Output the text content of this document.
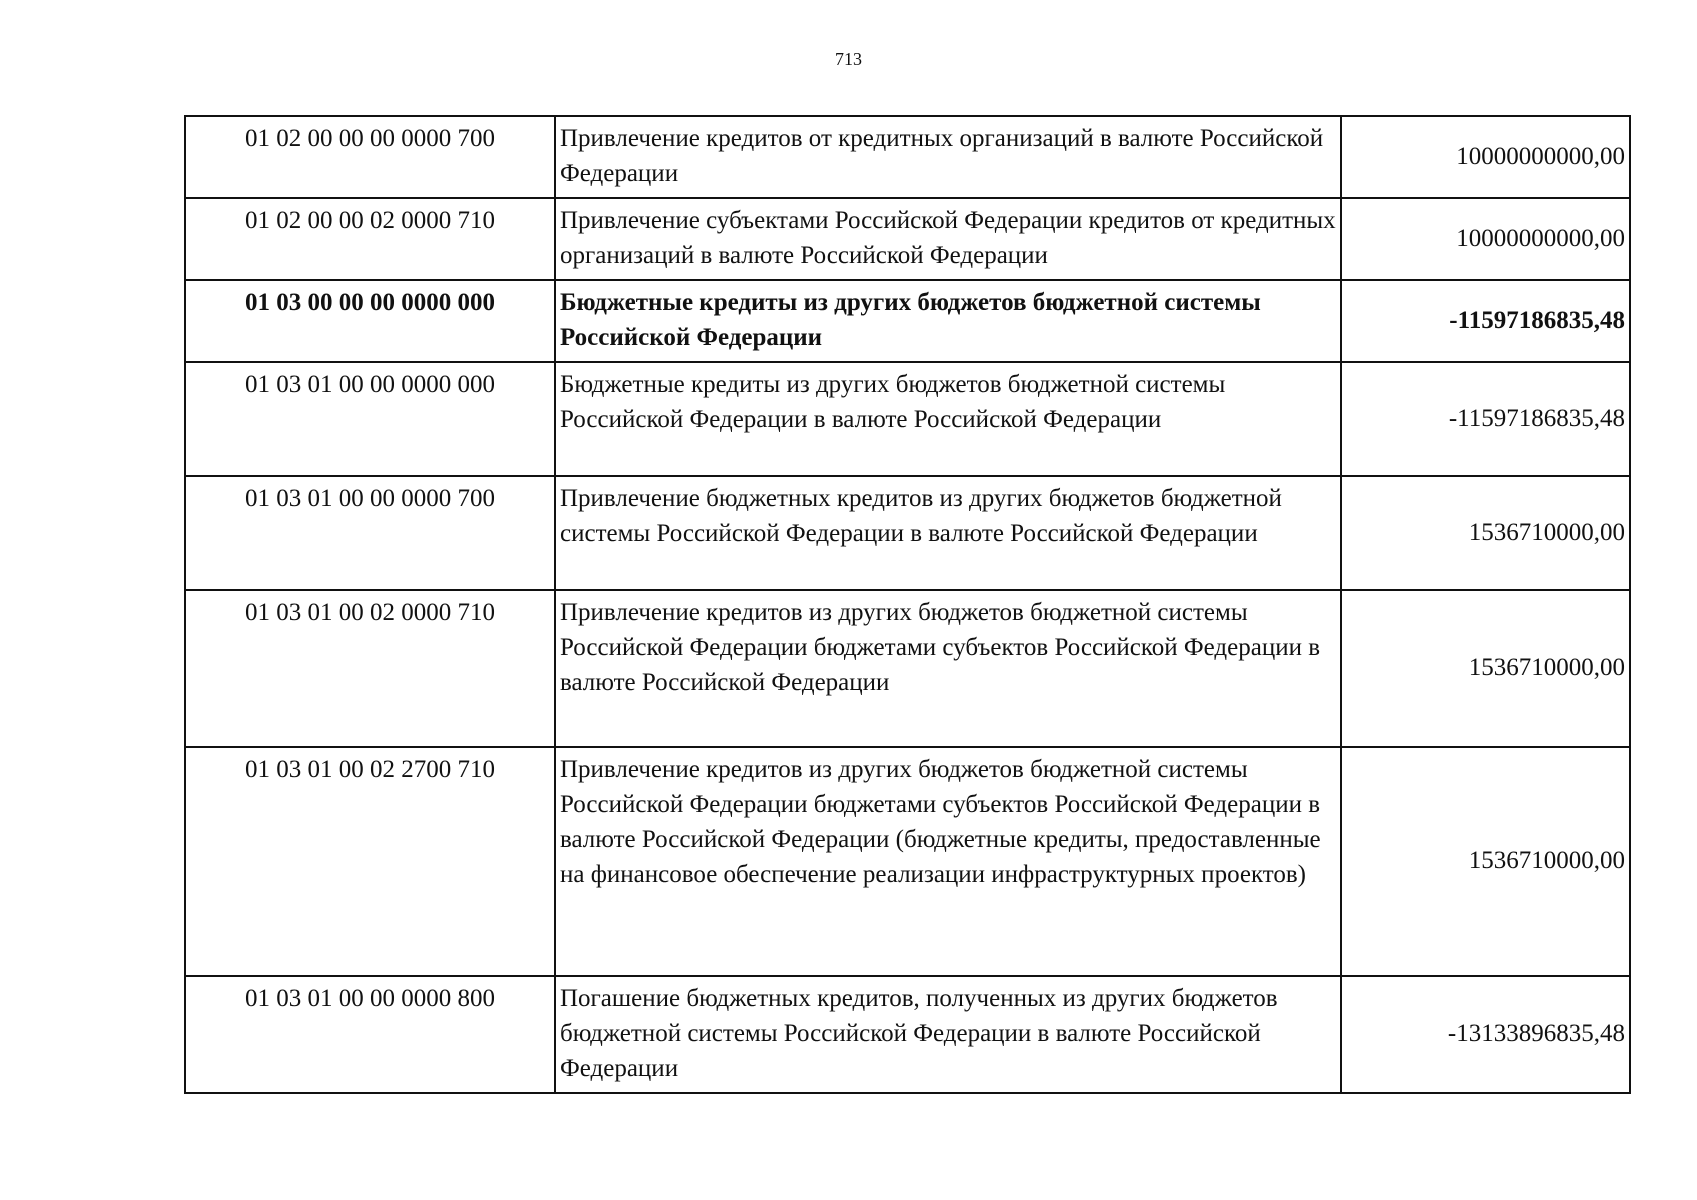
713
01 02 00 00 00 0000 700	Привлечение кредитов от кредитных организаций в валюте Российской Федерации	10000000000,00
01 02 00 00 02 0000 710	Привлечение субъектами Российской Федерации кредитов от кредитных организаций в валюте Российской Федерации	10000000000,00
01 03 00 00 00 0000 000	Бюджетные кредиты из других бюджетов бюджетной системы Российской Федерации	-11597186835,48
01 03 01 00 00 0000 000	Бюджетные кредиты из других бюджетов бюджетной системы Российской Федерации в валюте Российской Федерации	-11597186835,48
01 03 01 00 00 0000 700	Привлечение бюджетных кредитов из других бюджетов бюджетной системы Российской Федерации в валюте Российской Федерации	1536710000,00
01 03 01 00 02 0000 710	Привлечение кредитов из других бюджетов бюджетной системы Российской Федерации бюджетами субъектов Российской Федерации в валюте Российской Федерации	1536710000,00
01 03 01 00 02 2700 710	Привлечение кредитов из других бюджетов бюджетной системы Российской Федерации бюджетами субъектов Российской Федерации в валюте Российской Федерации (бюджетные кредиты, предоставленные на финансовое обеспечение реализации инфраструктурных проектов)	1536710000,00
01 03 01 00 00 0000 800	Погашение бюджетных кредитов, полученных из других бюджетов бюджетной системы Российской Федерации в валюте Российской Федерации	-13133896835,48
